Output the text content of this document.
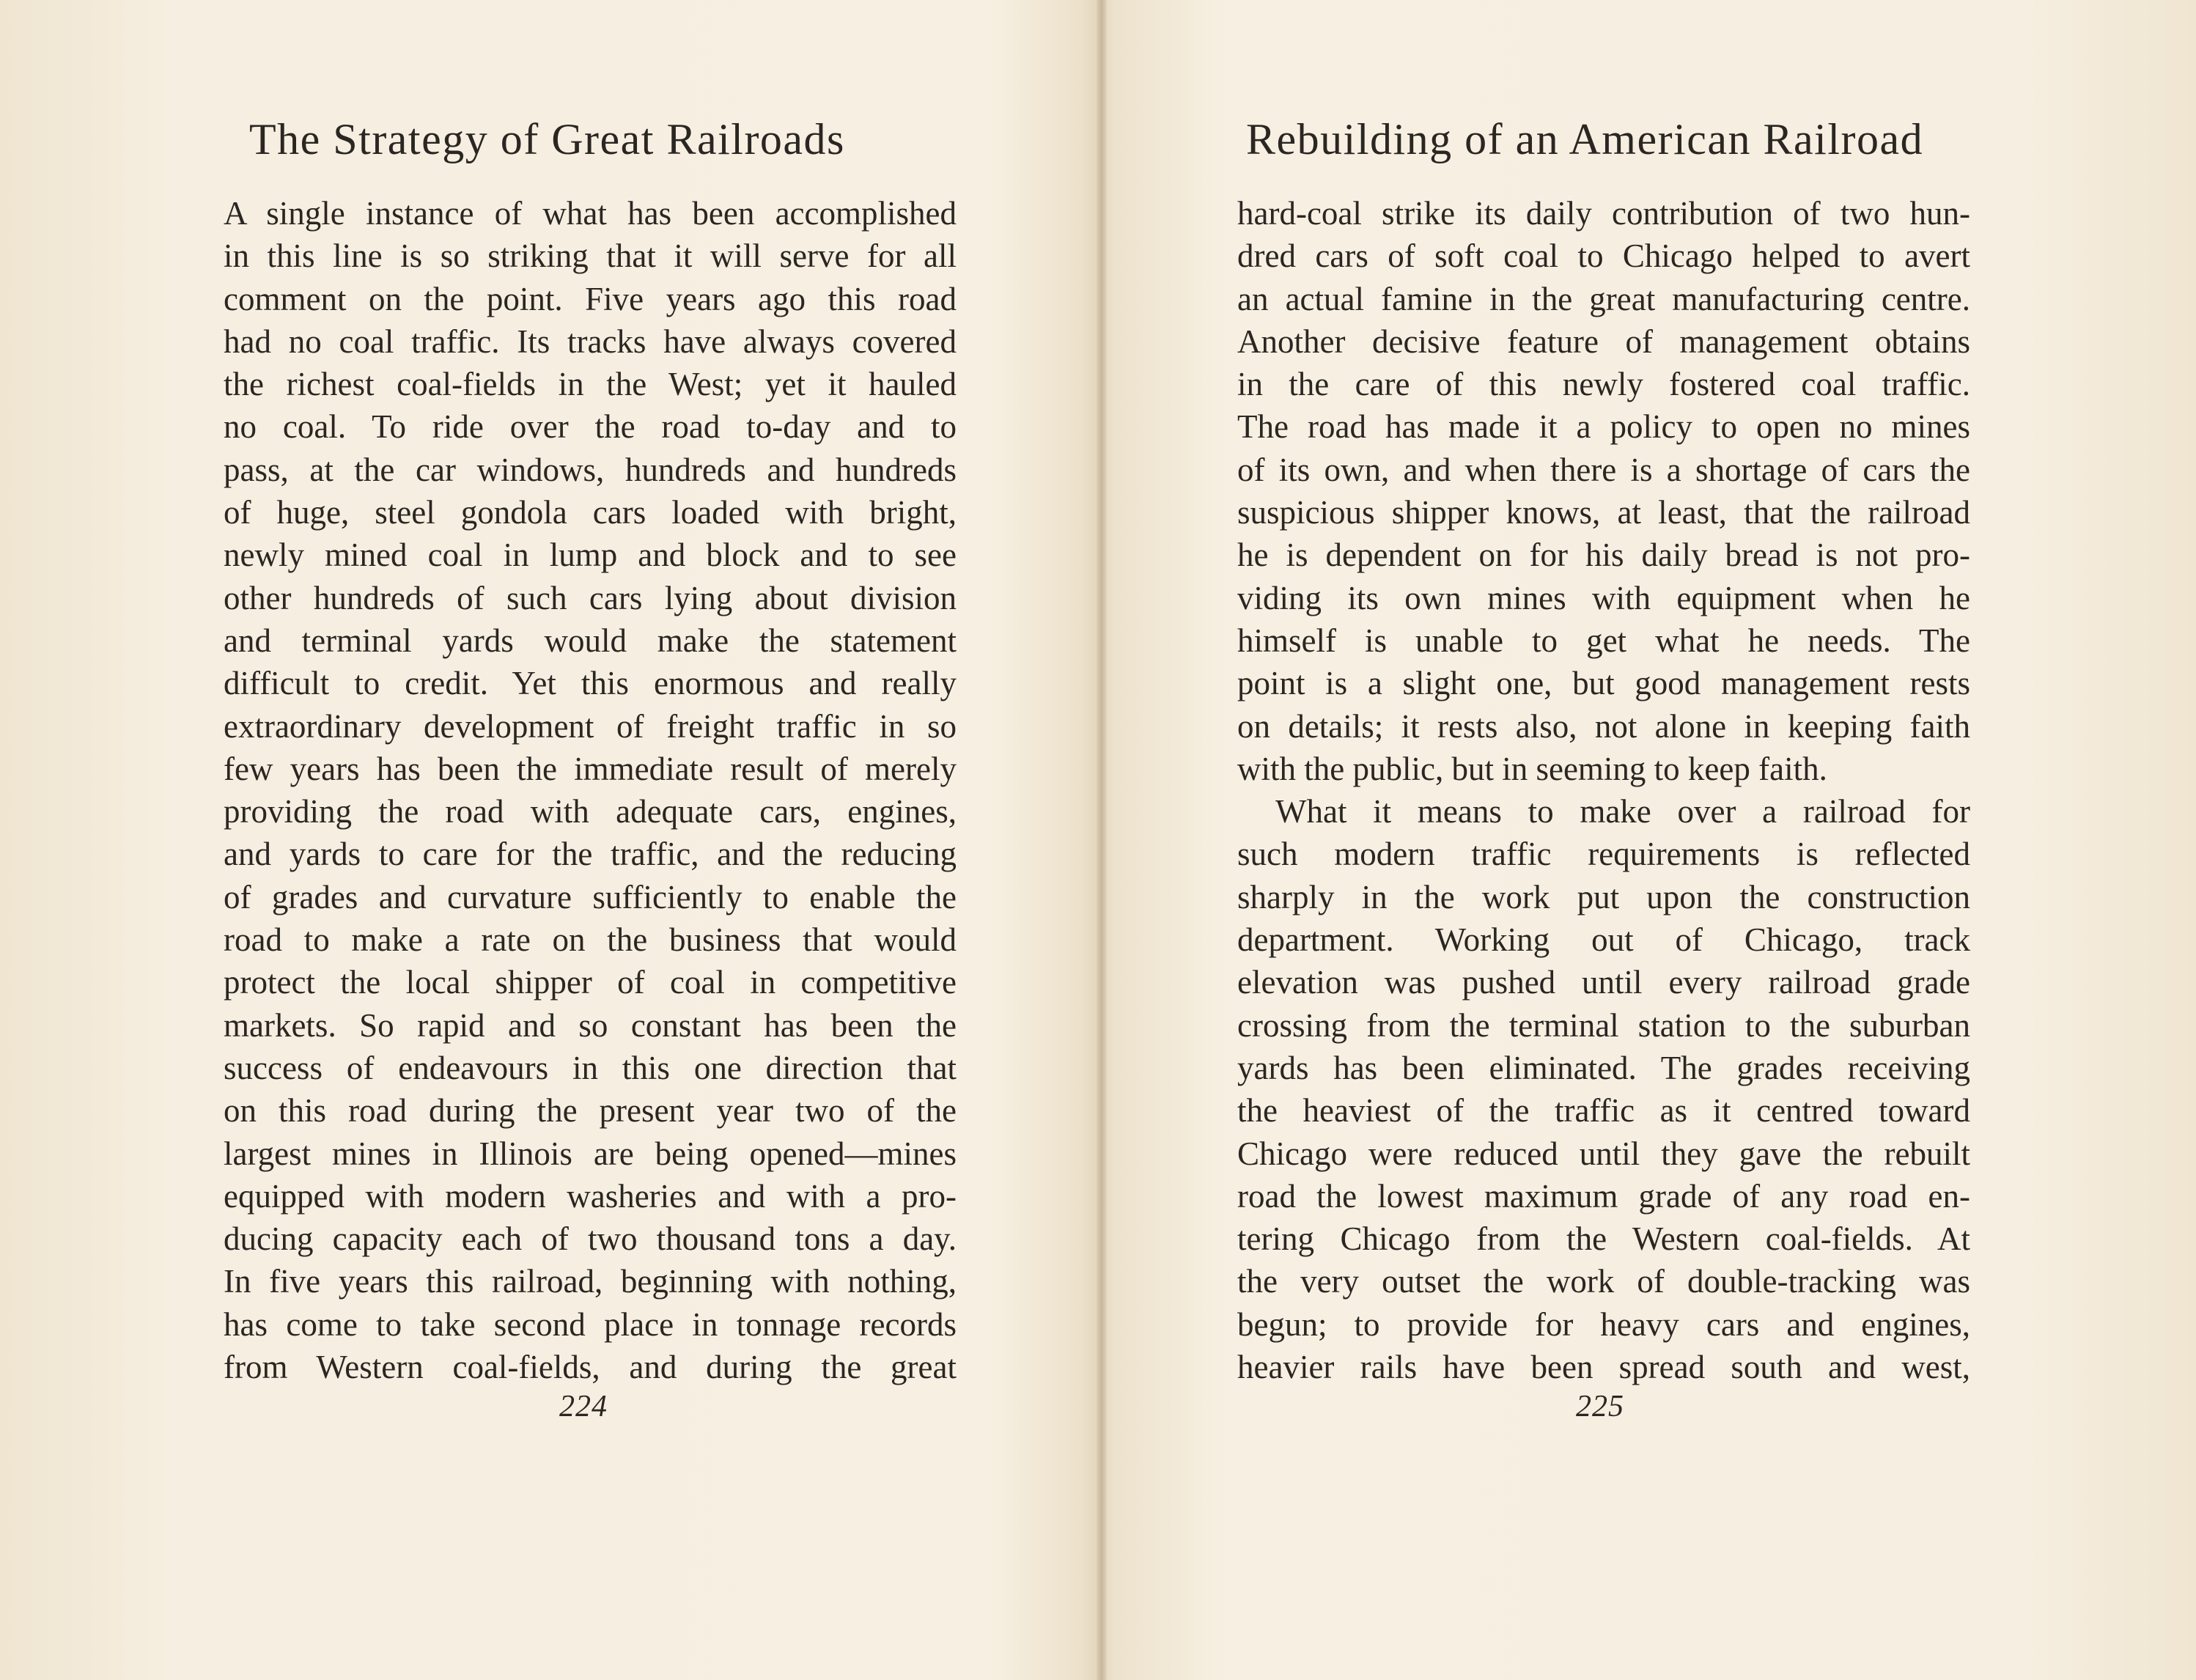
The Strategy of Great Railroads
A single instance of what has been accomplished
in this line is so striking that it will serve for all
comment on the point. Five years ago this road
had no coal traffic. Its tracks have always covered
the richest coal-fields in the West; yet it hauled
no coal. To ride over the road to-day and to
pass, at the car windows, hundreds and hundreds
of huge, steel gondola cars loaded with bright,
newly mined coal in lump and block and to see
other hundreds of such cars lying about division
and terminal yards would make the statement
difficult to credit. Yet this enormous and really
extraordinary development of freight traffic in so
few years has been the immediate result of merely
providing the road with adequate cars, engines,
and yards to care for the traffic, and the reducing
of grades and curvature sufficiently to enable the
road to make a rate on the business that would
protect the local shipper of coal in competitive
markets. So rapid and so constant has been the
success of endeavours in this one direction that
on this road during the present year two of the
largest mines in Illinois are being opened—mines
equipped with modern washeries and with a pro-
ducing capacity each of two thousand tons a day.
In five years this railroad, beginning with nothing,
has come to take second place in tonnage records
from Western coal-fields, and during the great

224

Rebuilding of an American Railroad
hard-coal strike its daily contribution of two hun-
dred cars of soft coal to Chicago helped to avert
an actual famine in the great manufacturing centre.
Another decisive feature of management obtains
in the care of this newly fostered coal traffic.
The road has made it a policy to open no mines
of its own, and when there is a shortage of cars the
suspicious shipper knows, at least, that the railroad
he is dependent on for his daily bread is not pro-
viding its own mines with equipment when he
himself is unable to get what he needs. The
point is a slight one, but good management rests
on details; it rests also, not alone in keeping faith
with the public, but in seeming to keep faith.
What it means to make over a railroad for
such modern traffic requirements is reflected
sharply in the work put upon the construction
department. Working out of Chicago, track
elevation was pushed until every railroad grade
crossing from the terminal station to the suburban
yards has been eliminated. The grades receiving
the heaviest of the traffic as it centred toward
Chicago were reduced until they gave the rebuilt
road the lowest maximum grade of any road en-
tering Chicago from the Western coal-fields. At
the very outset the work of double-tracking was
begun; to provide for heavy cars and engines,
heavier rails have been spread south and west,

225
